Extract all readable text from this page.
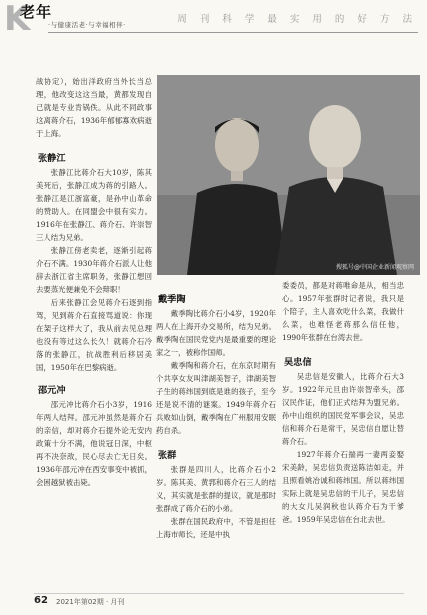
K
老年
·与健康活老·与幸福相伴·	周 刊 科 学 最 实 用 的 好 方 法

战协定），始出洋政府当外长当总理，他改变这这当最，黄都发现自己就是专业肯锅佚。从此不同政事这离蒋介石，1936年郁郁寡欢病逝于上海。

张静江

张静江比蒋介石大10岁，陈其美死后，张静江成为蒋的引路人。张静江是江浙富豪，是孙中山革命的赞助人。在同盟会中很有实力。1916年在张静江、蒋介石、许崇智三人结为兄弟。

张静江傍老卖老，逐渐引起蒋介石不满。1930年蒋介石派人让他辞去浙江省主席职务，张静江想回去要蒸光便兼免不会辩职！

后来张静江会见蒋介石逐到指驾，见到蒋介石直接骂道说：你现在架子这样大了，我从前去见总理也没有等过这么长久！就蒋介石冷落的张静江，抗战胜利后移居美国，1950年在巴黎病逝。

邵元冲

邵元冲比蒋介石小3岁，1916年两人结拜。邵元冲虽然是蒋介石的亲信，却对蒋介石提外论无安内政策十分不满，他说冠日深，中枢再不决奈敌，民心尽去亡无日矣。1936年邵元冲在西安事变中被抓，会困越狱被击毙。

搜狐号@中国企业新闻观察网
戴季陶

戴季陶比蒋介石小4岁，1920年两人在上海开办交易所，结为兄弟。戴季陶在国民党党内是最重要的理论家之一，被称作国师。

戴季陶和蒋介石，在东京时期有个共享女友叫津湖美智子，津湖美智子生的蒋纬国到底是谁的孩子，至今还是说不清的谜案。1949年蒋介石兵败如山倒，戴季陶在广州服用安眠药自杀。

张群

张群是四川人，比蒋介石小2岁。陈其美、黄郛和蒋介石三人的结义，其实就是张群的提议，就是那时张群成了蒋介石的小弟。

张群在国民政府中，不管是担任上海市师长，还是中执

委委员，都是对蒋唯命是从，相当忠心。1957年张群时记者说，我只是个陪子，主人喜欢吃什么菜，我做什么菜，也难怪老蒋那么信任他，1990年张群在台湾去世。

吴忠信

吴忠信是安徽人，比蒋介石大3岁。1922年元旦由许崇智牵头，邵汉民作证，他们正式结拜为盟兄弟。孙中山组织的国民党军事会议，吴忠信和蒋介石是常干，吴忠信自愿让替蒋介石。

1927年蒋介石揣再一妻两妾娶宋美龄，吴忠信负责送陈洁如走，并且照看姚冶诚和蒋纬国。所以蒋纬国实际上就是吴忠信的干儿子，吴忠信的大女儿吴润秋也认蒋介石为干爹爸。1959年吴忠信在台北去世。

62 2021年第02期 · 月刊
